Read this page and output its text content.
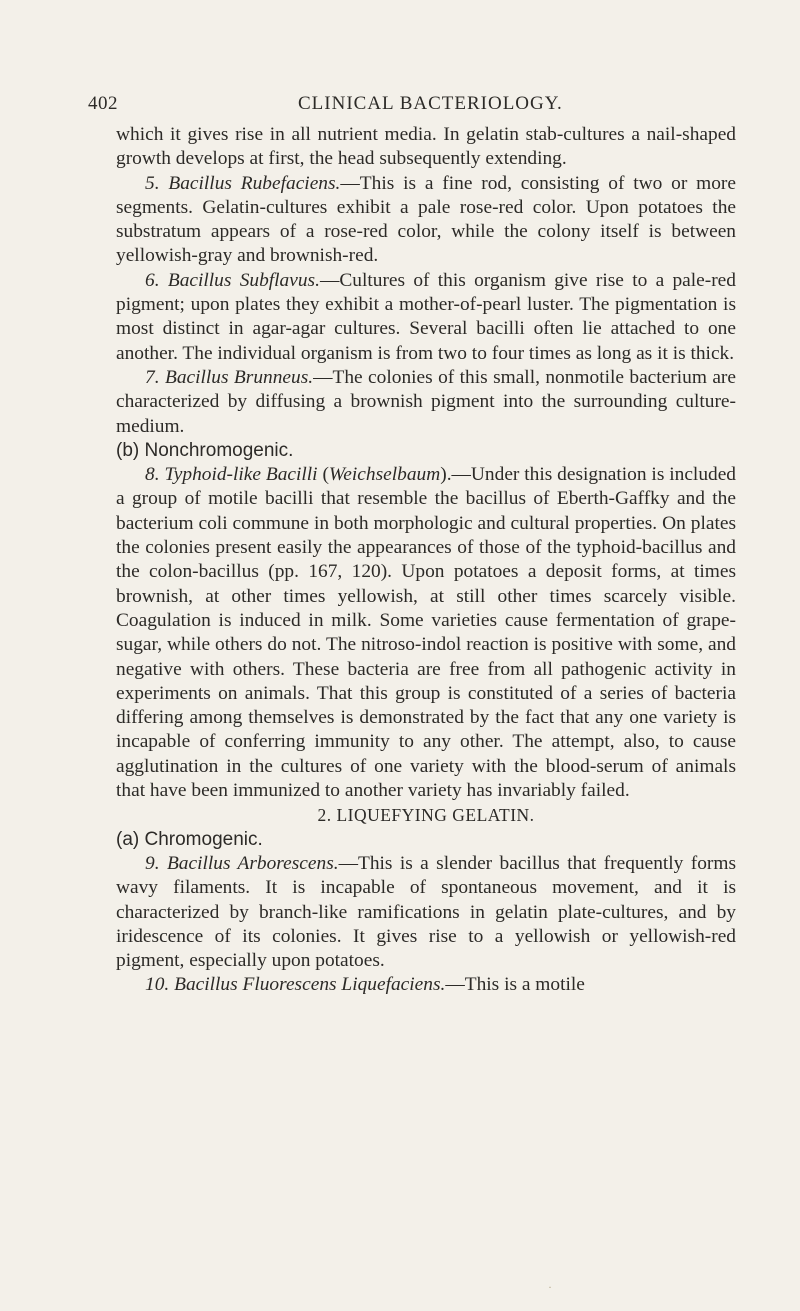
402	CLINICAL BACTERIOLOGY.

which it gives rise in all nutrient media. In gelatin stab-cultures a nail-shaped growth develops at first, the head subsequently extending.

5. Bacillus Rubefaciens.—This is a fine rod, consisting of two or more segments. Gelatin-cultures exhibit a pale rose-red color. Upon potatoes the substratum appears of a rose-red color, while the colony itself is between yellowish-gray and brownish-red.

6. Bacillus Subflavus.—Cultures of this organism give rise to a pale-red pigment; upon plates they exhibit a mother-of-pearl luster. The pigmentation is most distinct in agar-agar cultures. Several bacilli often lie attached to one another. The individual organism is from two to four times as long as it is thick.

7. Bacillus Brunneus.—The colonies of this small, nonmotile bacterium are characterized by diffusing a brownish pigment into the surrounding culture-medium.

(b) Nonchromogenic.

8. Typhoid-like Bacilli (Weichselbaum).—Under this designation is included a group of motile bacilli that resemble the bacillus of Eberth-Gaffky and the bacterium coli commune in both morphologic and cultural properties. On plates the colonies present easily the appearances of those of the typhoid-bacillus and the colon-bacillus (pp. 167, 120). Upon potatoes a deposit forms, at times brownish, at other times yellowish, at still other times scarcely visible. Coagulation is induced in milk. Some varieties cause fermentation of grape-sugar, while others do not. The nitroso-indol reaction is positive with some, and negative with others. These bacteria are free from all pathogenic activity in experiments on animals. That this group is constituted of a series of bacteria differing among themselves is demonstrated by the fact that any one variety is incapable of conferring immunity to any other. The attempt, also, to cause agglutination in the cultures of one variety with the blood-serum of animals that have been immunized to another variety has invariably failed.

2. LIQUEFYING GELATIN.

(a) Chromogenic.

9. Bacillus Arborescens.—This is a slender bacillus that frequently forms wavy filaments. It is incapable of spontaneous movement, and it is characterized by branch-like ramifications in gelatin plate-cultures, and by iridescence of its colonies. It gives rise to a yellowish or yellowish-red pigment, especially upon potatoes.

10. Bacillus Fluorescens Liquefaciens.—This is a motile

·
